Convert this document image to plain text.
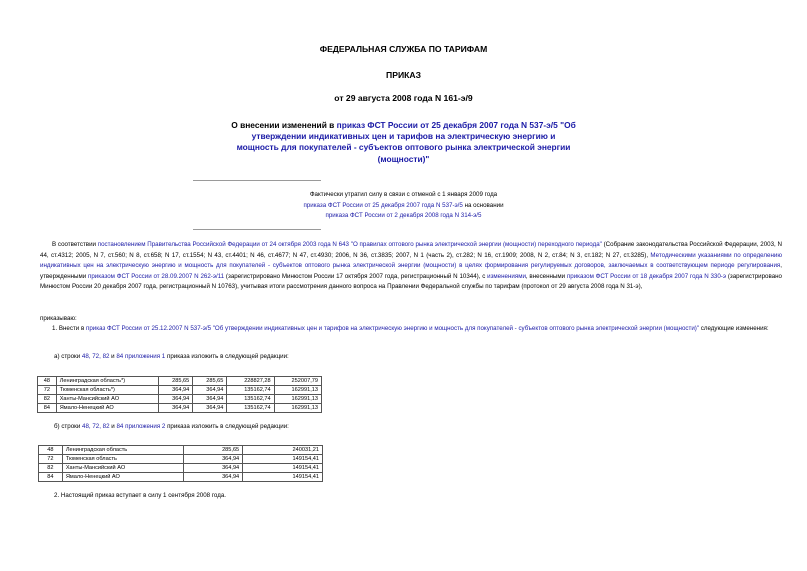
ФЕДЕРАЛЬНАЯ СЛУЖБА ПО ТАРИФАМ
ПРИКАЗ
от 29 августа 2008 года N 161-э/9
О внесении изменений в приказ ФСТ России от 25 декабря 2007 года N 537-э/5 "Об утверждении индикативных цен и тарифов на электрическую энергию и мощность для покупателей - субъектов оптового рынка электрической энергии (мощности)"
Фактически утратил силу в связи с отменой с 1 января 2009 года
приказа ФСТ России от 25 декабря 2007 года N 537-э/5 на основании
приказа ФСТ России от 2 декабря 2008 года N 314-э/5
В соответствии постановлением Правительства Российской Федерации от 24 октября 2003 года N 643 "О правилах оптового рынка электрической энергии (мощности) переходного периода" (Собрание законодательства Российской Федерации, 2003, N 44, ст.4312; 2005, N 7, ст.560; N 8, ст.658; N 17, ст.1554; N 43, ст.4401; N 46, ст.4677; N 47, ст.4930; 2006, N 36, ст.3835; 2007, N 1 (часть 2), ст.282; N 16, ст.1909; 2008, N 2, ст.84; N 3, ст.182; N 27, ст.3285), Методическими указаниями по определению индикативных цен на электрическую энергию и мощность для покупателей - субъектов оптового рынка электрической энергии (мощности) в целях формирования регулируемых договоров, заключаемых в соответствующем периоде регулирования, утвержденными приказом ФСТ России от 28.09.2007 N 262-э/11 (зарегистрировано Минюстом России 17 октября 2007 года, регистрационный N 10344), с изменениями, внесенными приказом ФСТ России от 18 декабря 2007 года N 330-э (зарегистрировано Минюстом России 20 декабря 2007 года, регистрационный N 10763), учитывая итоги рассмотрения данного вопроса на Правлении Федеральной службы по тарифам (протокол от 29 августа 2008 года N 31-э),
приказываю:
1. Внести в приказ ФСТ России от 25.12.2007 N 537-э/5 "Об утверждении индикативных цен и тарифов на электрическую энергию и мощность для покупателей - субъектов оптового рынка электрической энергии (мощности)" следующие изменения:
а) строки 48, 72, 82 и 84 приложения 1 приказа изложить в следующей редакции:
48	Ленинградская область*)	285,65	285,65	228827,28	252007,79
72	Тюменская область*)	364,94	364,94	135162,74	162991,13
82	Ханты-Мансийский АО	364,94	364,94	135162,74	162991,13
84	Ямало-Ненецкий АО	364,94	364,94	135162,74	162991,13
б) строки 48, 72, 82 и 84 приложения 2 приказа изложить в следующей редакции:
48	Ленинградская область	285,65	240031,21
72	Тюменская область	364,94	149154,41
82	Ханты-Мансийский АО	364,94	149154,41
84	Ямало-Ненецкий АО	364,94	149154,41
2. Настоящий приказ вступает в силу 1 сентября 2008 года.
